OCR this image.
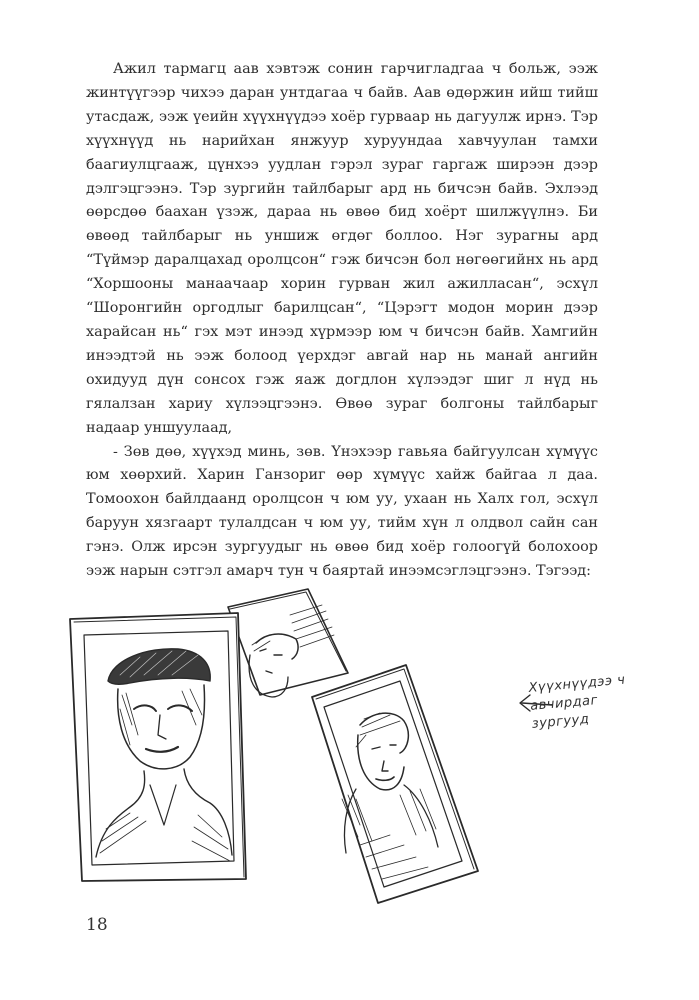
Ажил тармагц аав хэвтэж сонин гарчигладгаа ч больж, ээж жинтүүгээр чихээ даран унтдагаа ч байв. Аав өдөржин ийш тийш утасдаж, ээж үеийн хүүхнүүдээ хоёр гурвaap нь дагуулж ирнэ. Тэр хүүхнүүд нь нарийхан янжуур хуруундаа хавчуулан тамхи баагиулцгааж, цүнхээ уудлан гэрэл зураг гаргаж ширээн дээр дэлгэцгээнэ. Тэр зургийн тайлбарыг ард нь бичсэн байв. Эхлээд өөрсдөө баахан үзэж, дараа нь өвөө бид хоёрт шилжүүлнэ. Би өвөөд тайлбарыг нь уншиж өгдөг боллоо. Нэг зурагны ард “Түймэр даралцахад оролцсон“ гэж бичсэн бол нөгөөгийнх нь ард “Хоршооны манаачаар хорин гурван жил ажилласан“, эсхүл “Шоронгийн оргодлыг барилцсан“, “Цэрэгт модон морин дээр харайсан нь“ гэх мэт инээд хүрмээр юм ч бичсэн байв. Хамгийн инээдтэй нь ээж болоод үерхдэг авгай нар нь манай ангийн охидууд дүн сонсох гэж яаж догдлон хүлээдэг шиг л нүд нь гялалзан хариу хүлээцгээнэ. Өвөө зураг болгоны тайлбарыг надаар уншуулаад,

- Зөв дөө, хүүхэд минь, зөв. Үнэхээр гавьяа байгуулсан хүмүүс юм хөөрхий. Харин Ганзориг өөр хүмүүс хайж байгаа л даа. Томоохон байлдаанд оролцсон ч юм уу, ухаан нь Халх гол, эсхүл баруун хязгаарт тулалдсан ч юм уу, тийм хүн л олдвол сайн сан гэнэ. Олж ирсэн зургуудыг нь өвөө бид хоёр голоогүй болохоор ээж нарын сэтгэл амарч тун ч баяртай инээмсэглэцгээнэ. Тэгээд:

Хүүхнүүдээ ч
авчирдаг
зургууд
18
